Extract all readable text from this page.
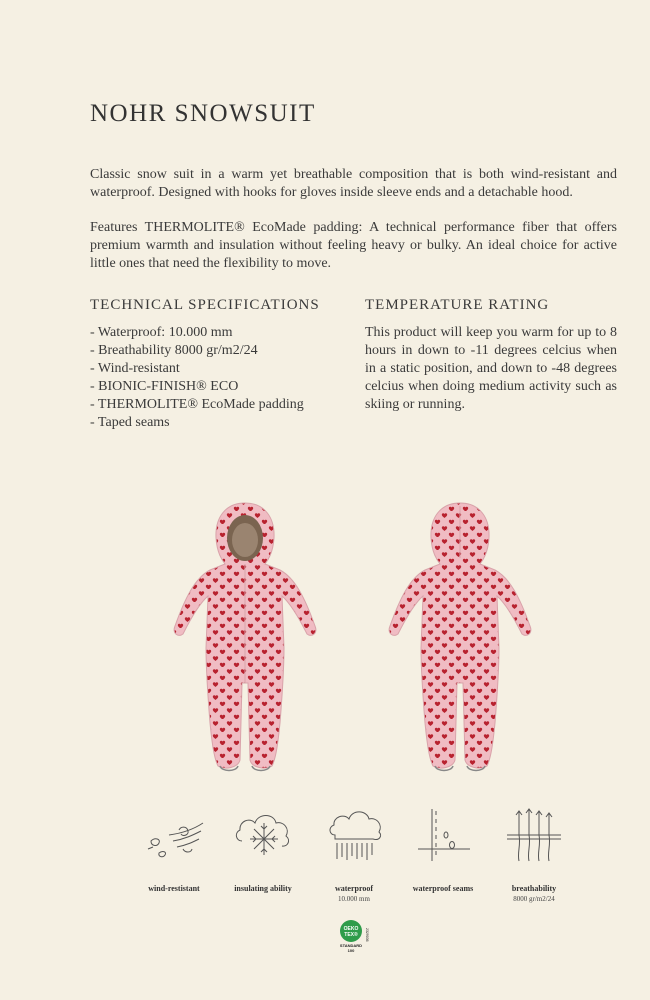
NOHR SNOWSUIT

Classic snow suit in a warm yet breathable composition that is both wind-resistant and waterproof. Designed with hooks for gloves inside sleeve ends and a detachable hood.

Features THERMOLITE® EcoMade padding: A technical performance fiber that offers premium warmth and insulation without feeling heavy or bulky. An ideal choice for active little ones that need the flexibility to move.

TECHNICAL SPECIFICATIONS	TEMPERATURE RATING
- Waterproof: 10.000 mm
- Breathability 8000 gr/m2/24
- Wind-resistant
- BIONIC-FINISH® ECO
- THERMOLITE® EcoMade padding
- Taped seams

This product will keep you warm for up to 8 hours in down to -11 degrees celcius when in a static position, and down to -48 degrees celcius when doing medium activity such as skiing or running.

wind-restistant	insulating ability	waterproof
10.000 mm
waterproof seams	breathability
8000 gr/m2/24
OEKO
TEX®
STANDARD
100
2329036
